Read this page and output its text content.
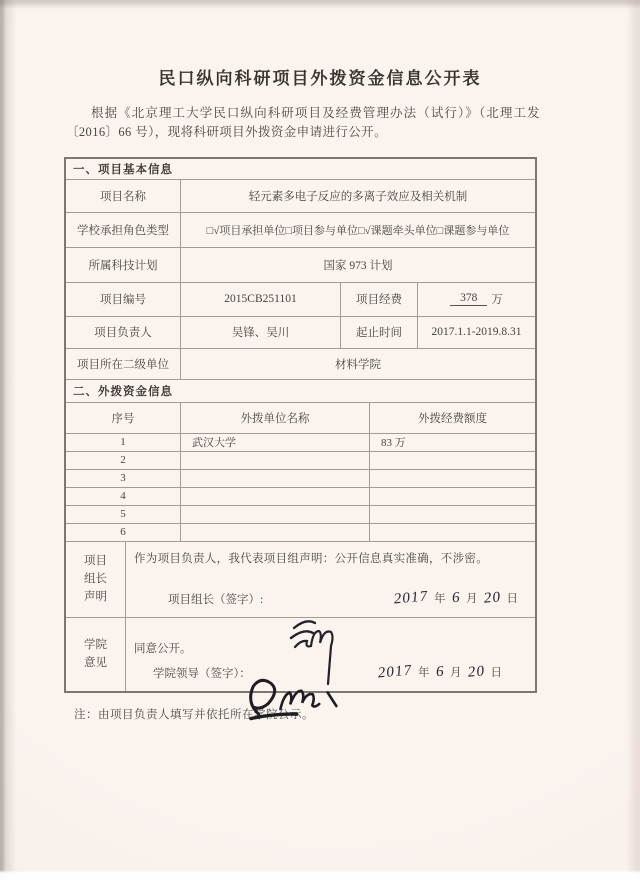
民口纵向科研项目外拨资金信息公开表

根据《北京理工大学民口纵向科研项目及经费管理办法（试行）》（北理工发〔2016〕66 号），现将科研项目外拨资金申请进行公开。

一、项目基本信息
项目名称	轻元素多电子反应的多离子效应及相关机制
学校承担角色类型	□√项目承担单位□项目参与单位□√课题牵头单位□课题参与单位
所属科技计划	国家 973 计划
项目编号	2015CB251101	项目经费	378	万
项目负责人	吴锋、吴川	起止时间	2017.1.1-2019.8.31
项目所在二级单位	材料学院
二、外拨资金信息
序号	外拨单位名称	外拨经费额度
1	武汉大学	83 万
2
3
4
5
6
项目
组长
声明

作为项目负责人，我代表项目组声明：公开信息真实准确，不涉密。

项目组长（签字）:	2017 年 6 月 20 日
学院
意见

同意公开。

学院领导（签字）：	2017 年 6 月 20 日

注：由项目负责人填写并依托所在学院公示。
